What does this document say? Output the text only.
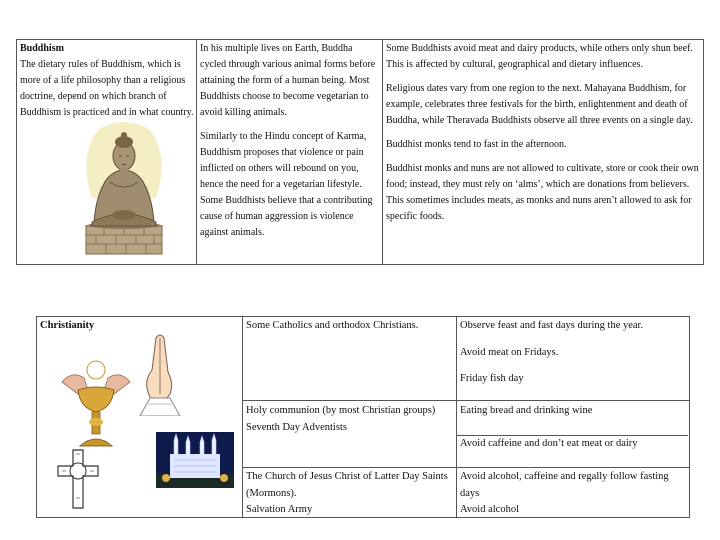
Buddhism

The dietary rules of Buddhism, which is more of a life philosophy than a religious doctrine, depend on which branch of Buddhism is practiced and in what country.

In his multiple lives on Earth, Buddha cycled through various animal forms before attaining the form of a human being. Most Buddhists choose to become vegetarian to avoid killing animals.

Similarly to the Hindu concept of Karma, Buddhism proposes that violence or pain inflicted on others will rebound on you, hence the need for a vegetarian lifestyle. Some Buddhists believe that a contributing cause of human aggression is violence against animals.

Some Buddhists avoid meat and dairy products, while others only shun beef. This is affected by cultural, geographical and dietary influences.

Religious dates vary from one region to the next. Mahayana Buddhism, for example, celebrates three festivals for the birth, enlightenment and death of Buddha, while Theravada Buddhists observe all three events on a single day.

Buddhist monks tend to fast in the afternoon.

Buddhist monks and nuns are not allowed to cultivate, store or cook their own food; instead, they must rely on ‘alms’, which are donations from believers. This sometimes includes meats, as monks and nuns aren’t allowed to ask for specific foods.

Christianity	Some Catholics and orthodox Christians.	Observe feast and fast days during the year.

Avoid meat on Fridays.

Friday fish day

Holy communion (by most Christian groups)

Seventh Day Adventists

Eating bread and drinking wine

Avoid caffeine and don’t eat meat or dairy

The Church of Jesus Christ of Latter Day Saints (Mormons).

Salvation Army

Avoid alcohol, caffeine and regally follow fasting days

Avoid alcohol
